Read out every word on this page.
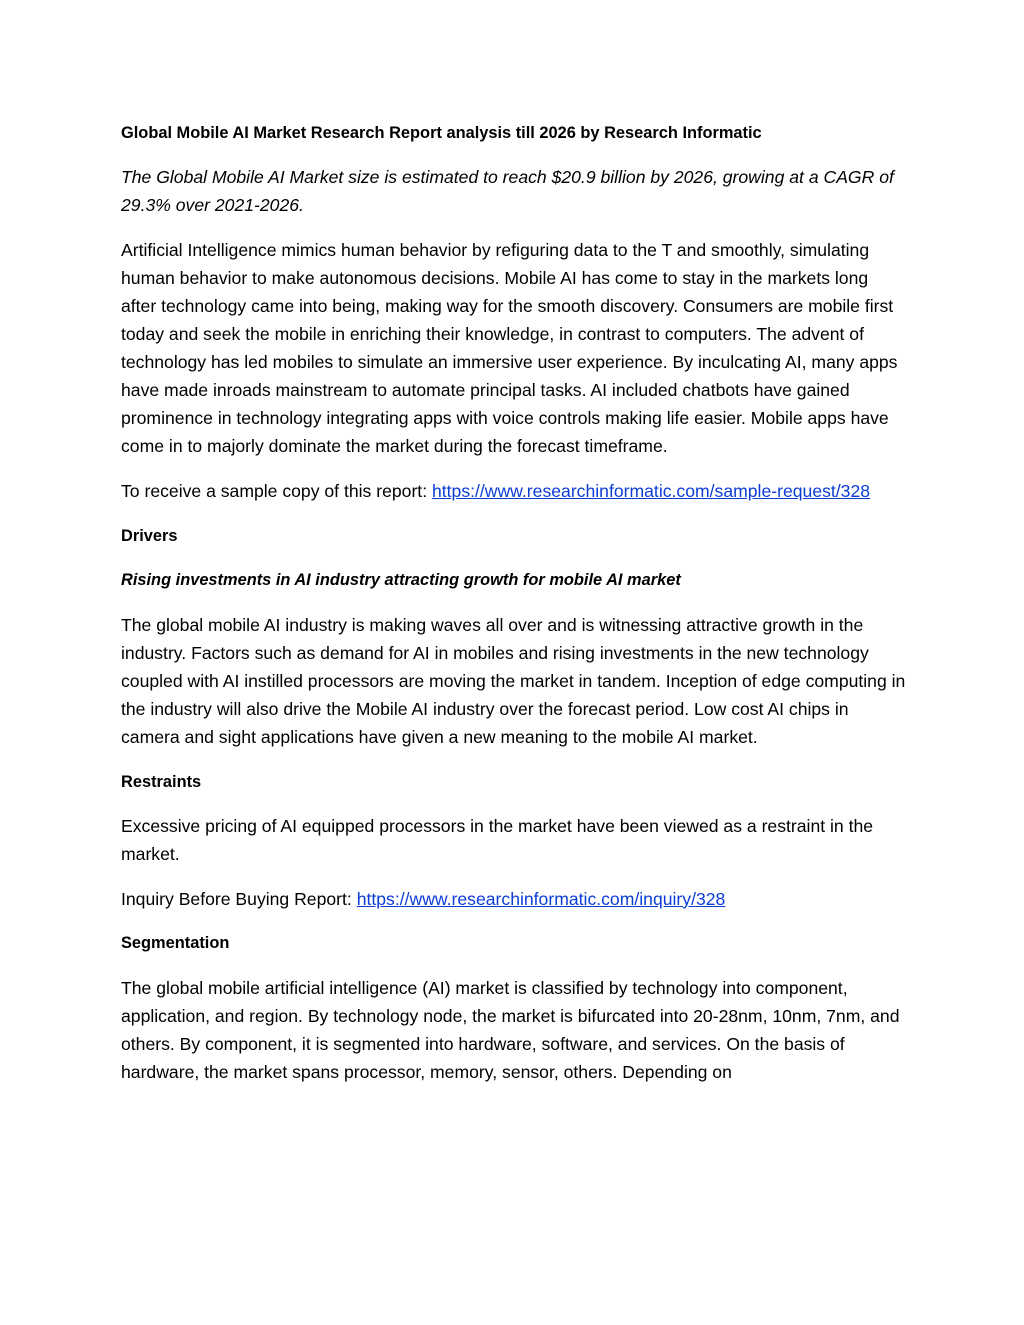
Global Mobile AI Market Research Report analysis till 2026 by Research Informatic

The Global Mobile AI Market size is estimated to reach $20.9 billion by 2026, growing at a CAGR of 29.3% over 2021-2026.

Artificial Intelligence mimics human behavior by refiguring data to the T and smoothly, simulating human behavior to make autonomous decisions. Mobile AI has come to stay in the markets long after technology came into being, making way for the smooth discovery. Consumers are mobile first today and seek the mobile in enriching their knowledge, in contrast to computers. The advent of technology has led mobiles to simulate an immersive user experience. By inculcating AI, many apps have made inroads mainstream to automate principal tasks. AI included chatbots have gained prominence in technology integrating apps with voice controls making life easier. Mobile apps have come in to majorly dominate the market during the forecast timeframe.

To receive a sample copy of this report: https://www.researchinformatic.com/sample-request/328

Drivers

Rising investments in AI industry attracting growth for mobile AI market

The global mobile AI industry is making waves all over and is witnessing attractive growth in the industry. Factors such as demand for AI in mobiles and rising investments in the new technology coupled with AI instilled processors are moving the market in tandem. Inception of edge computing in the industry will also drive the Mobile AI industry over the forecast period. Low cost AI chips in camera and sight applications have given a new meaning to the mobile AI market.

Restraints

Excessive pricing of AI equipped processors in the market have been viewed as a restraint in the market.

Inquiry Before Buying Report: https://www.researchinformatic.com/inquiry/328

Segmentation

The global mobile artificial intelligence (AI) market is classified by technology into component, application, and region. By technology node, the market is bifurcated into 20-28nm, 10nm, 7nm, and others. By component, it is segmented into hardware, software, and services. On the basis of hardware, the market spans processor, memory, sensor, others. Depending on
